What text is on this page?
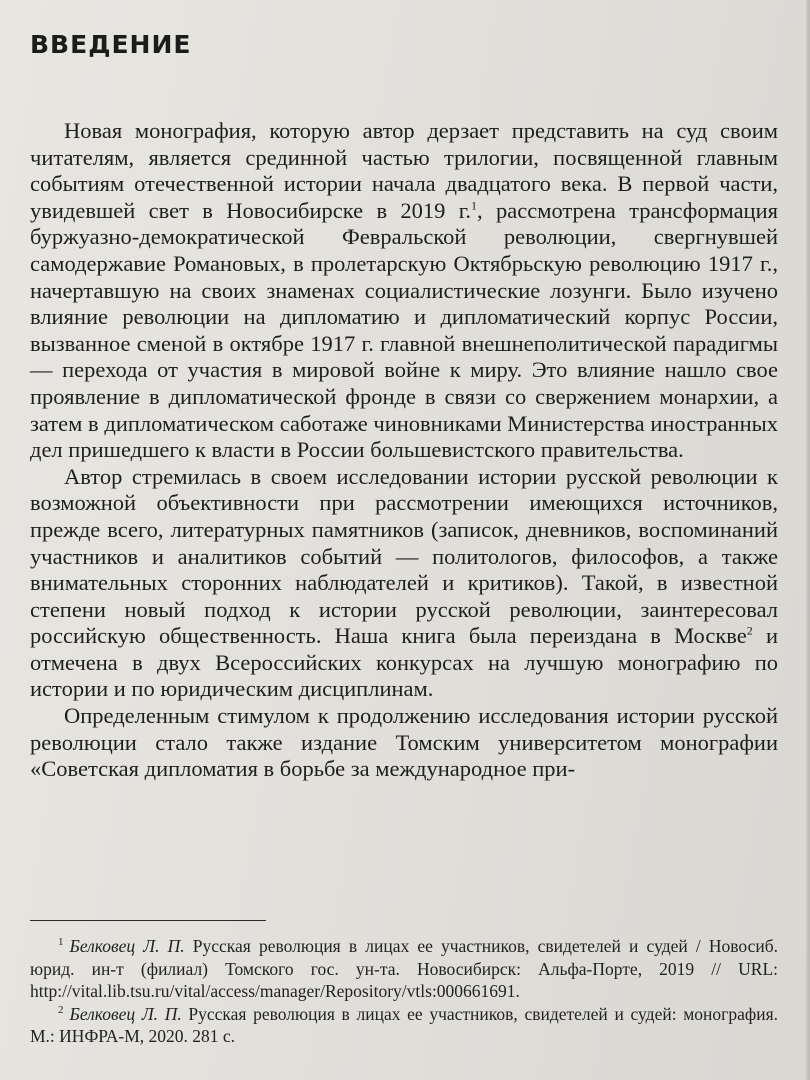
ВВЕДЕНИЕ

Новая монография, которую автор дерзает представить на суд своим читателям, является срединной частью трилогии, посвященной главным событиям отечественной истории начала двадцатого века. В первой части, увидевшей свет в Новосибирске в 2019 г.$^1$, рассмотрена трансформация буржуазно-демократической Февральской революции, свергнувшей самодержавие Романовых, в пролетарскую Октябрьскую революцию 1917 г., начертавшую на своих знаменах социалистические лозунги. Было изучено влияние революции на дипломатию и дипломатический корпус России, вызванное сменой в октябре 1917 г. главной внешнеполитической парадигмы — перехода от участия в мировой войне к миру. Это влияние нашло свое проявление в дипломатической фронде в связи со свержением монархии, а затем в дипломатическом саботаже чиновниками Министерства иностранных дел пришедшего к власти в России большевистского правительства.

Автор стремилась в своем исследовании истории русской революции к возможной объективности при рассмотрении имеющихся источников, прежде всего, литературных памятников (записок, дневников, воспоминаний участников и аналитиков событий — политологов, философов, а также внимательных сторонних наблюдателей и критиков). Такой, в известной степени новый подход к истории русской революции, заинтересовал российскую общественность. Наша книга была переиздана в Москве$^2$ и отмечена в двух Всероссийских конкурсах на лучшую монографию по истории и по юридическим дисциплинам.

Определенным стимулом к продолжению исследования истории русской революции стало также издание Томским университетом монографии «Советская дипломатия в борьбе за международное при-

$^1$ Белковец Л. П. Русская революция в лицах ее участников, свидетелей и судей / Новосиб. юрид. ин-т (филиал) Томского гос. ун-та. Новосибирск: Альфа-Порте, 2019 // URL: http://vital.lib.tsu.ru/vital/access/manager/Repository/vtls:000661691.

$^2$ Белковец Л. П. Русская революция в лицах ее участников, свидетелей и судей: монография. М.: ИНФРА-М, 2020. 281 с.
